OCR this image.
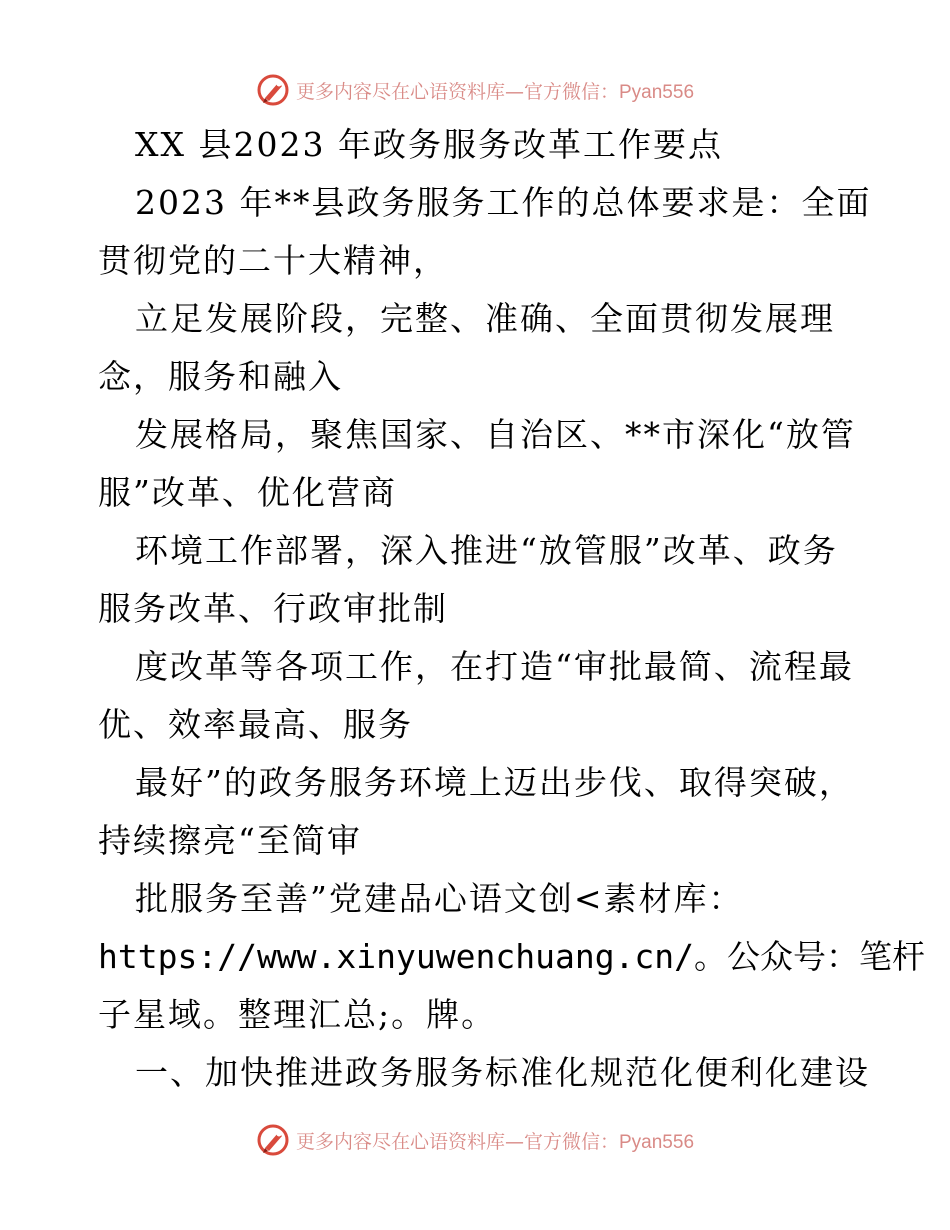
更多内容尽在心语资料库—官方微信：Pyan556

XX 县2023 年政务服务改革工作要点

2023 年**县政务服务工作的总体要求是：全面

贯彻党的二十大精神，

立足发展阶段，完整、准确、全面贯彻发展理

念，服务和融入

发展格局，聚焦国家、自治区、**市深化“放管

服”改革、优化营商

环境工作部署，深入推进“放管服”改革、政务

服务改革、行政审批制

度改革等各项工作，在打造“审批最简、流程最

优、效率最高、服务

最好”的政务服务环境上迈出步伐、取得突破，

持续擦亮“至简审

批服务至善”党建品心语文创<素材库：

https://www.xinyuwenchuang.cn/。公众号：笔杆

子星域。整理汇总;。牌。

一、加快推进政务服务标准化规范化便利化建设

更多内容尽在心语资料库—官方微信：Pyan556
